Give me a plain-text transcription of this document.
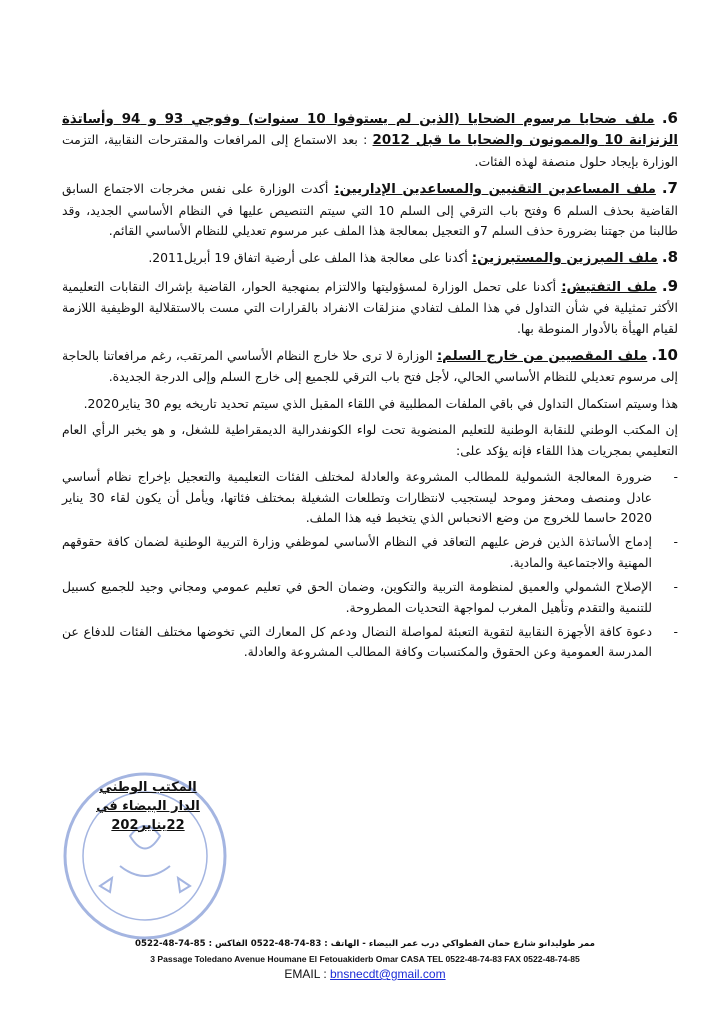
6. ملف ضحايا مرسوم الضحايا (الذين لم يستوفوا 10 سنوات) وفوجي 93 و 94 وأساتذة الزنزانة 10 والممونون والضحايا ما قبل 2012 : بعد الاستماع إلى المرافعات والمقترحات النقابية، التزمت الوزارة بإيجاد حلول منصفة لهذه الفئات.
7. ملف المساعدين التقنيين والمساعدين الإداريين: أكدت الوزارة على نفس مخرجات الاجتماع السابق القاضية بحذف السلم 6 وفتح باب الترقي إلى السلم 10 التي سيتم التنصيص عليها في النظام الأساسي الجديد، وقد طالبنا من جهتنا بضرورة حذف السلم 7و التعجيل بمعالجة هذا الملف عبر مرسوم تعديلي للنظام الأساسي القائم.
8. ملف المبرزين والمستبرزين: أكدنا على معالجة هذا الملف على أرضية اتفاق 19 أبريل2011.
9. ملف التفتيش: أكدنا على تحمل الوزارة لمسؤوليتها والالتزام بمنهجية الحوار، القاضية بإشراك النقابات التعليمية الأكثر تمثيلية في شأن التداول في هذا الملف لتفادي منزلقات الانفراد بالقرارات التي مست بالاستقلالية الوظيفية اللازمة لقيام الهيأة بالأدوار المنوطة بها.
10. ملف المقصيين من خارج السلم: الوزارة لا ترى حلا خارج النظام الأساسي المرتقب، رغم مرافعاتنا بالحاجة إلى مرسوم تعديلي للنظام الأساسي الحالي، لأجل فتح باب الترقي للجميع إلى خارج السلم وإلى الدرجة الجديدة.

هذا وسيتم استكمال التداول في باقي الملفات المطلبية في اللقاء المقبل الذي سيتم تحديد تاريخه يوم 30 يناير2020.

إن المكتب الوطني للنقابة الوطنية للتعليم المنضوية تحت لواء الكونفدرالية الديمقراطية للشغل، و هو يخبر الرأي العام التعليمي بمجريات هذا اللقاء فإنه يؤكد على:

-
ضرورة المعالجة الشمولية للمطالب المشروعة والعادلة لمختلف الفئات التعليمية والتعجيل بإخراج نظام أساسي عادل ومنصف ومحفز وموحد ليستجيب لانتظارات وتطلعات الشغيلة بمختلف فئاتها، ويأمل أن يكون لقاء 30 يناير 2020 حاسما للخروج من وضع الانحباس الذي يتخبط فيه هذا الملف.
-
إدماج الأساتذة الذين فرض عليهم التعاقد في النظام الأساسي لموظفي وزارة التربية الوطنية لضمان كافة حقوقهم المهنية والاجتماعية والمادية.
-
الإصلاح الشمولي والعميق لمنظومة التربية والتكوين، وضمان الحق في تعليم عمومي ومجاني وجيد للجميع كسبيل للتنمية والتقدم وتأهيل المغرب لمواجهة التحديات المطروحة.
-
دعوة كافة الأجهزة النقابية لتقوية التعبئة لمواصلة النضال ودعم كل المعارك التي تخوضها مختلف الفئات للدفاع عن المدرسة العمومية وعن الحقوق والمكتسبات وكافة المطالب المشروعة والعادلة.
المكتب الوطني
الدار البيضاء في 22يناير202
ممر طوليدانو شارع حمان الفطواكي درب عمر البيضاء - الهاتف : 83-74-48-0522 الفاكس : 85-74-48-0522
3 Passage Toledano Avenue Houmane El Fetouakiderb Omar CASA TEL 0522-48-74-83 FAX 0522-48-74-85
EMAIL : bnsnecdt@gmail.com
